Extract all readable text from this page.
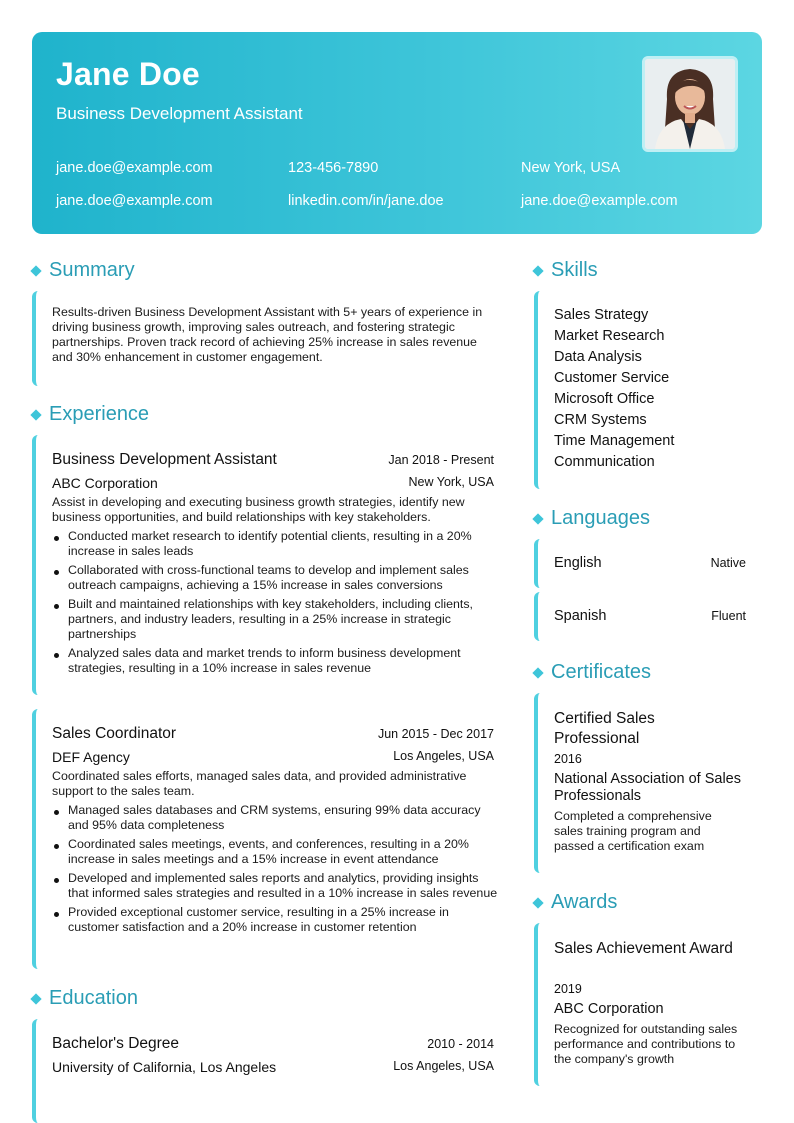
Jane Doe
Business Development Assistant
jane.doe@example.com	123-456-7890	New York, USA
jane.doe@example.com	linkedin.com/in/jane.doe	jane.doe@example.com
Summary
Results-driven Business Development Assistant with 5+ years of experience in driving business growth, improving sales outreach, and fostering strategic partnerships. Proven track record of achieving 25% increase in sales revenue and 30% enhancement in customer engagement.
Experience
Business Development Assistant	Jan 2018 - Present
ABC Corporation	New York, USA
Assist in developing and executing business growth strategies, identify new business opportunities, and build relationships with key stakeholders.
Conducted market research to identify potential clients, resulting in a 20% increase in sales leads
Collaborated with cross-functional teams to develop and implement sales outreach campaigns, achieving a 15% increase in sales conversions
Built and maintained relationships with key stakeholders, including clients, partners, and industry leaders, resulting in a 25% increase in strategic partnerships
Analyzed sales data and market trends to inform business development strategies, resulting in a 10% increase in sales revenue
Sales Coordinator	Jun 2015 - Dec 2017
DEF Agency	Los Angeles, USA
Coordinated sales efforts, managed sales data, and provided administrative support to the sales team.
Managed sales databases and CRM systems, ensuring 99% data accuracy and 95% data completeness
Coordinated sales meetings, events, and conferences, resulting in a 20% increase in sales meetings and a 15% increase in event attendance
Developed and implemented sales reports and analytics, providing insights that informed sales strategies and resulted in a 10% increase in sales revenue
Provided exceptional customer service, resulting in a 25% increase in customer satisfaction and a 20% increase in customer retention
Education
Bachelor's Degree	2010 - 2014
University of California, Los Angeles	Los Angeles, USA
Skills
Sales Strategy
Market Research
Data Analysis
Customer Service
Microsoft Office
CRM Systems
Time Management
Communication
Languages
English	Native
Spanish	Fluent
Certificates
Certified Sales Professional
2016
National Association of Sales Professionals
Completed a comprehensive sales training program and passed a certification exam
Awards
Sales Achievement Award
2019
ABC Corporation
Recognized for outstanding sales performance and contributions to the company's growth
